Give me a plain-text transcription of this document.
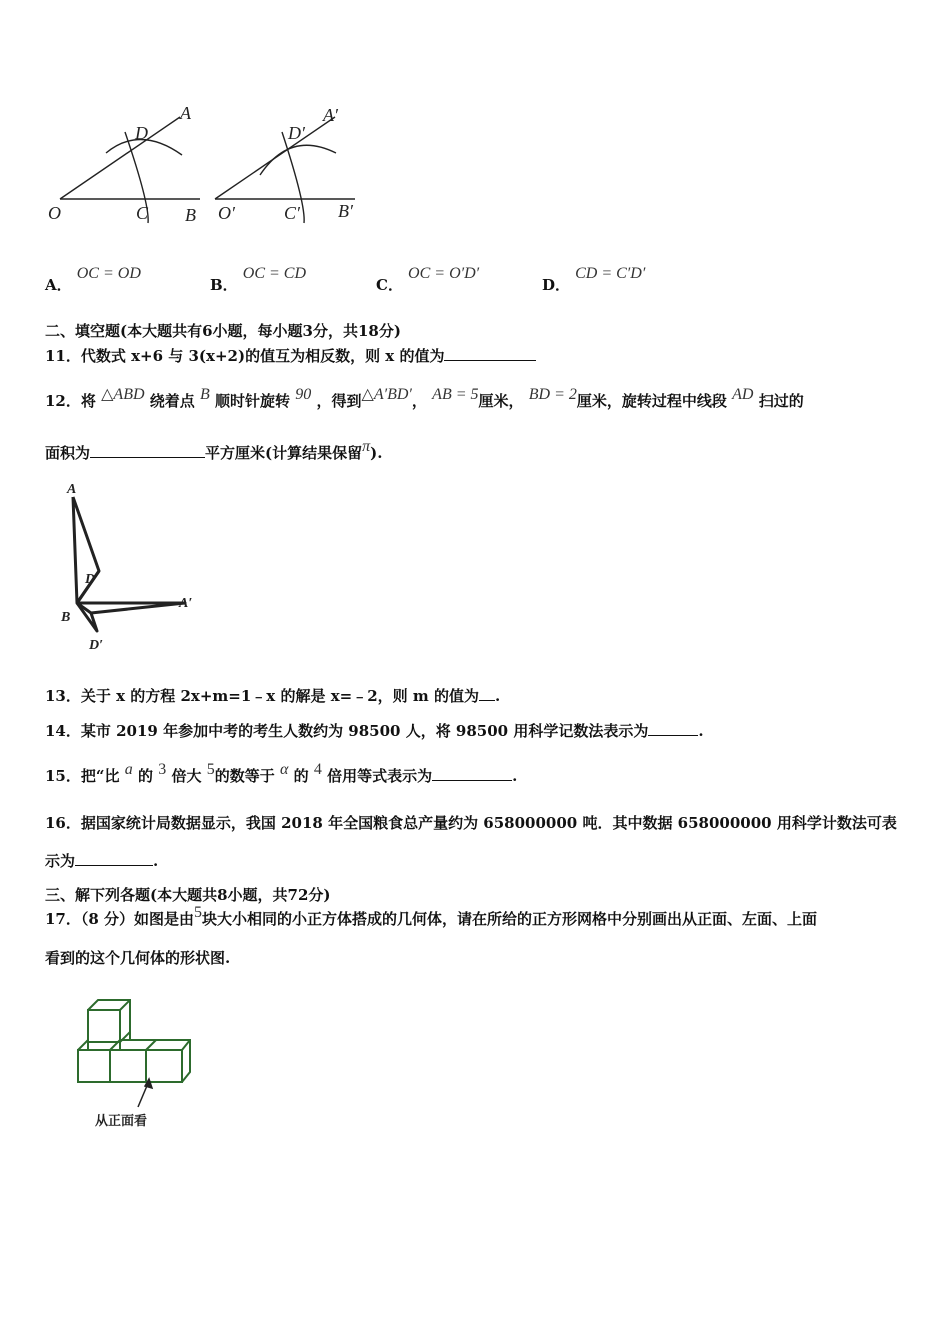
A
D
O	C B
A′
D′
O′	C′ B′
A． OC = OD
B． OC = CD
C． OC = O′D′
D． CD = C′D′
二、填空题(本大题共有6小题，每小题3分，共18分)
11．代数式 x+6 与 3(x+2)的值互为相反数，则 x 的值为
12．将 △ABD 绕着点 B 顺时针旋转 90 ，得到△A′BD′， AB = 5厘米， BD = 2厘米，旋转过程中线段 AD 扫过的
面积为	平方厘米(计算结果保留π).
A
D
B
A′
D′
13．关于 x 的方程 2x+m=1﹣x 的解是 x=﹣2，则 m 的值为 .
14．某市 2019 年参加中考的考生人数约为 98500 人，将 98500 用科学记数法表示为	.
15．把“比 a 的 3 倍大 5的数等于 α 的 4 倍用等式表示为	.
16．据国家统计局数据显示，我国 2018 年全国粮食总产量约为 658000000 吨．其中数据 658000000 用科学计数法可表
示为	.
三、解下列各题(本大题共8小题，共72分)
17．（8 分）如图是由5块大小相同的小正方体搭成的几何体，请在所给的正方形网格中分别画出从正面、左面、上面
看到的这个几何体的形状图.
从正面看
